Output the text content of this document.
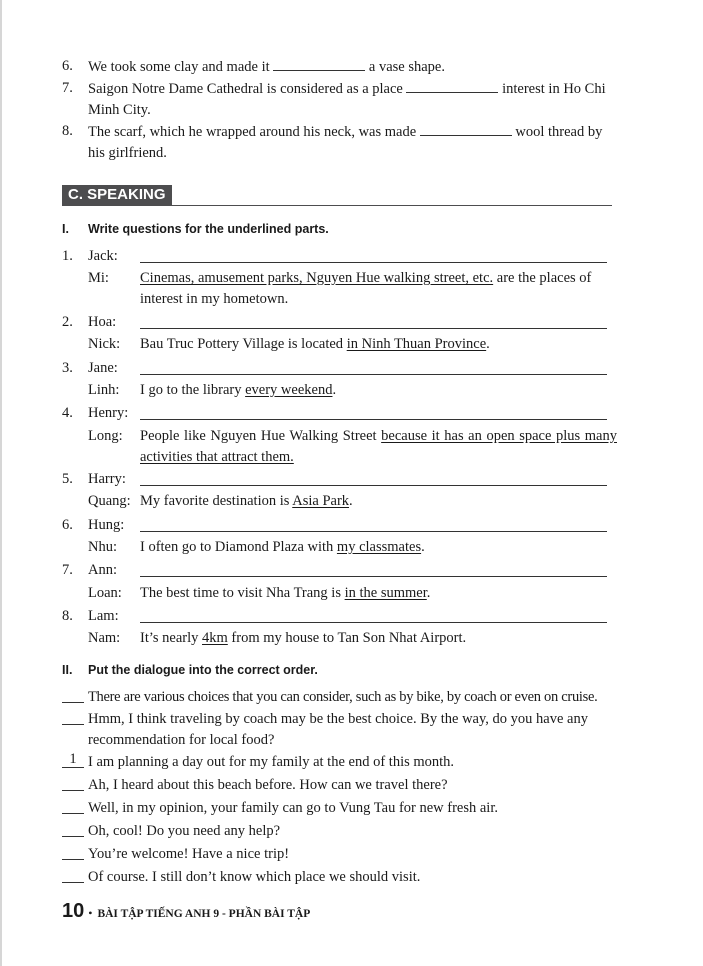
6. We took some clay and made it	a vase shape.
7. Saigon Notre Dame Cathedral is considered as a place	interest in Ho Chi Minh City.
8. The scarf, which he wrapped around his neck, was made	wool thread by his girlfriend.
C. SPEAKING
I. Write questions for the underlined parts.
1. Jack:
Mi: Cinemas, amusement parks, Nguyen Hue walking street, etc. are the places of interest in my hometown.
2. Hoa:
Nick: Bau Truc Pottery Village is located in Ninh Thuan Province.
3. Jane:
Linh: I go to the library every weekend.
4. Henry:
Long: People like Nguyen Hue Walking Street because it has an open space plus many activities that attract them.
5. Harry:
Quang: My favorite destination is Asia Park.
6. Hung:
Nhu: I often go to Diamond Plaza with my classmates.
7. Ann:
Loan: The best time to visit Nha Trang is in the summer.
8. Lam:
Nam: It’s nearly 4km from my house to Tan Son Nhat Airport.
II. Put the dialogue into the correct order.
There are various choices that you can consider, such as by bike, by coach or even on cruise.
Hmm, I think traveling by coach may be the best choice. By the way, do you have any recommendation for local food?
1 I am planning a day out for my family at the end of this month.
Ah, I heard about this beach before. How can we travel there?
Well, in my opinion, your family can go to Vung Tau for new fresh air.
Oh, cool! Do you need any help?
You’re welcome! Have a nice trip!
Of course. I still don’t know which place we should visit.
10 • BÀI TẬP TIẾNG ANH 9 - PHẦN BÀI TẬP
